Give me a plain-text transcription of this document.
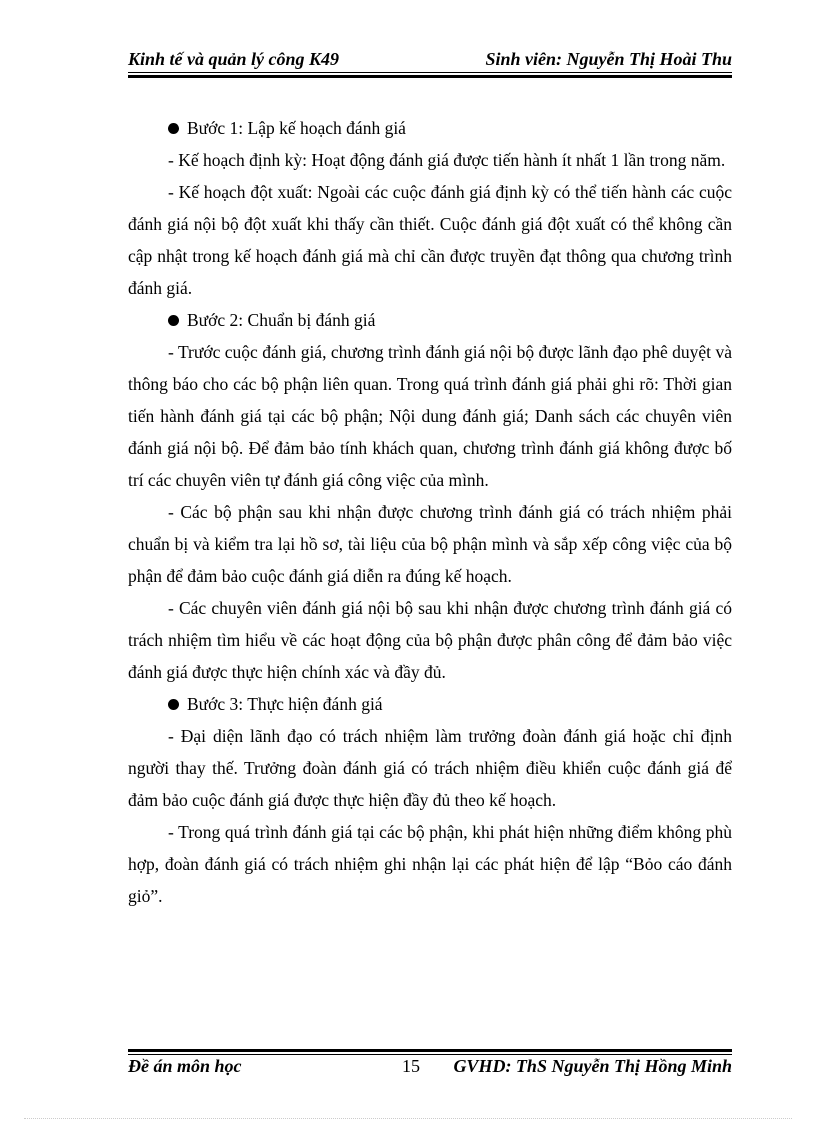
Kinh tế và quản lý công K49	Sinh viên: Nguyễn Thị Hoài Thu
Bước 1: Lập kế hoạch đánh giá

- Kế hoạch định kỳ: Hoạt động đánh giá được tiến hành ít nhất 1 lần trong năm.

- Kế hoạch đột xuất: Ngoài các cuộc đánh giá định kỳ có thể tiến hành các cuộc đánh giá nội bộ đột xuất khi thấy cần thiết. Cuộc đánh giá đột xuất có thể không cần cập nhật trong kế hoạch đánh giá mà chỉ cần được truyền đạt thông qua chương trình đánh giá.

Bước 2: Chuẩn bị đánh giá

- Trước cuộc đánh giá, chương trình đánh giá nội bộ được lãnh đạo phê duyệt và thông báo cho các bộ phận liên quan. Trong quá trình đánh giá phải ghi rõ: Thời gian tiến hành đánh giá tại các bộ phận; Nội dung đánh giá; Danh sách các chuyên viên đánh giá nội bộ. Để đảm bảo tính khách quan, chương trình đánh giá không được bố trí các chuyên viên tự đánh giá công việc của mình.

- Các bộ phận sau khi nhận được chương trình đánh giá có trách nhiệm phải chuẩn bị và kiểm tra lại hồ sơ, tài liệu của bộ phận mình và sắp xếp công việc của bộ phận để đảm bảo cuộc đánh giá diễn ra đúng kế hoạch.

- Các chuyên viên đánh giá nội bộ sau khi nhận được chương trình đánh giá có trách nhiệm tìm hiểu về các hoạt động của bộ phận được phân công để đảm bảo việc đánh giá được thực hiện chính xác và đầy đủ.

Bước 3: Thực hiện đánh giá

- Đại diện lãnh đạo có trách nhiệm làm trưởng đoàn đánh giá hoặc chỉ định người thay thế. Trưởng đoàn đánh giá có trách nhiệm điều khiển cuộc đánh giá để đảm bảo cuộc đánh giá được thực hiện đầy đủ theo kế hoạch.

- Trong quá trình đánh giá tại các bộ phận, khi phát hiện những điểm không phù hợp, đoàn đánh giá có trách nhiệm ghi nhận lại các phát hiện để lập “Bỏo cáo đánh giỏ”.

Đề án môn học	15 GVHD: ThS Nguyễn Thị Hồng Minh
